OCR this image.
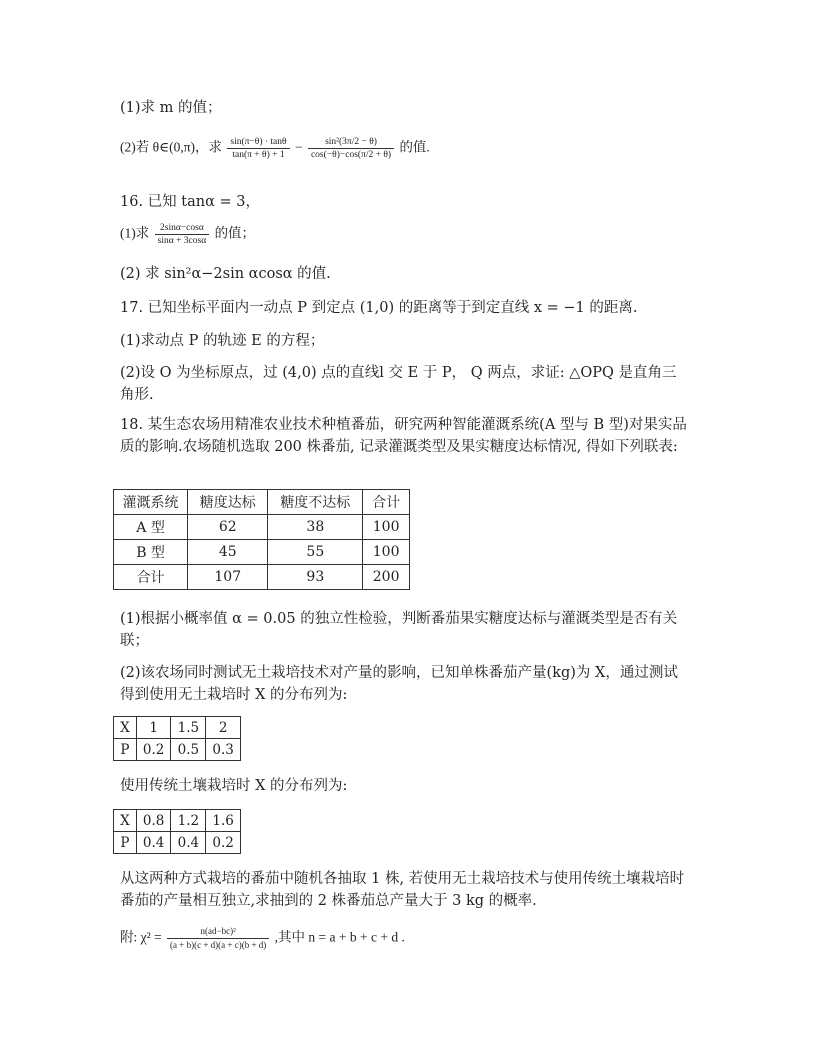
(1)求 m 的值；
(2)若 θ∈(0,π)，求 $\frac{\sin(\pi-\theta) \cdot \tan\theta}{\tan(\pi + \theta) + 1} - \frac{\text{sin²(3π/2 − θ)}}{\cos(-\theta)-\cos(\pi/2 + \theta)}$ 的值.
16. 已知 tanα = 3，
(1)求 $\frac{2\sin\alpha-\cos\alpha}{\sin\alpha + 3\cos\alpha}$ 的值；
(2) 求 sin²α−2sin αcosα 的值.
17. 已知坐标平面内一动点 P 到定点 (1,0) 的距离等于到定直线 x = −1 的距离.
(1)求动点 P 的轨迹 E 的方程；
(2)设 O 为坐标原点，过 (4,0) 点的直线l 交 E 于 P， Q 两点，求证: △OPQ 是直角三角形.
18. 某生态农场用精准农业技术种植番茄，研究两种智能灌溉系统(A 型与 B 型)对果实品质的影响.农场随机选取 200 株番茄, 记录灌溉类型及果实糖度达标情况, 得如下列联表:
灌溉系统	糖度达标	糖度不达标	合计
A 型	62	38	100
B 型	45	55	100
合计	107	93	200
(1)根据小概率值 α = 0.05 的独立性检验，判断番茄果实糖度达标与灌溉类型是否有关联；
(2)该农场同时测试无土栽培技术对产量的影响，已知单株番茄产量(kg)为 X，通过测试得到使用无土栽培时 X 的分布列为:
X	1	1.5	2
P	0.2	0.5	0.3
使用传统土壤栽培时 X 的分布列为:
X	0.8	1.2	1.6
P	0.4	0.4	0.2
从这两种方式栽培的番茄中随机各抽取 1 株, 若使用无土栽培技术与使用传统土壤栽培时番茄的产量相互独立,求抽到的 2 株番茄总产量大于 3 kg 的概率.
附: $\chi^2 = \frac{\text{n(ad−bc)²}}{(a + b)(c + d)(a + c)(b + d)}$ ,其中 n = a + b + c + d .
